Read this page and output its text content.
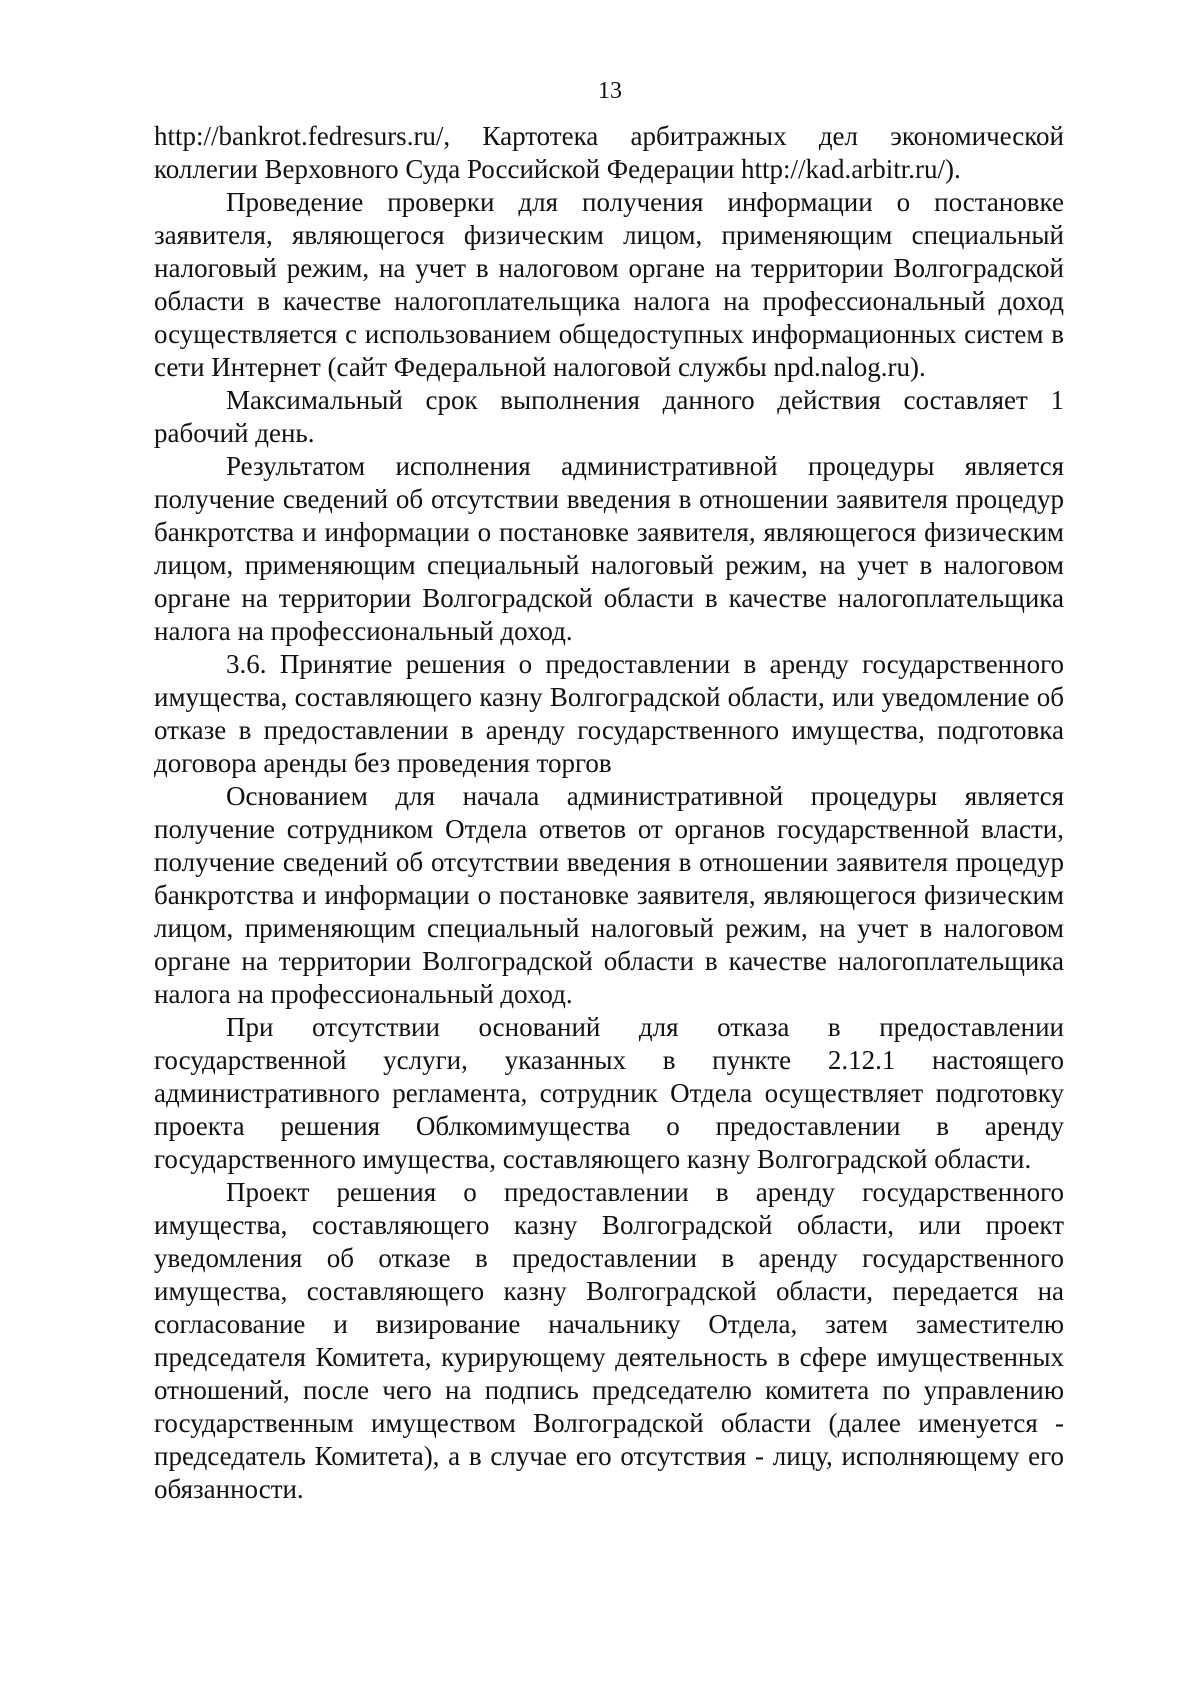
13

http://bankrot.fedresurs.ru/, Картотека арбитражных дел экономической коллегии Верховного Суда Российской Федерации http://kad.arbitr.ru/).

Проведение проверки для получения информации о постановке заявителя, являющегося физическим лицом, применяющим специальный налоговый режим, на учет в налоговом органе на территории Волгоградской области в качестве налогоплательщика налога на профессиональный доход осуществляется с использованием общедоступных информационных систем в сети Интернет (сайт Федеральной налоговой службы npd.nalog.ru).

Максимальный срок выполнения данного действия составляет 1 рабочий день.

Результатом исполнения административной процедуры является получение сведений об отсутствии введения в отношении заявителя процедур банкротства и информации о постановке заявителя, являющегося физическим лицом, применяющим специальный налоговый режим, на учет в налоговом органе на территории Волгоградской области в качестве налогоплательщика налога на профессиональный доход.

3.6. Принятие решения о предоставлении в аренду государственного имущества, составляющего казну Волгоградской области, или уведомление об отказе в предоставлении в аренду государственного имущества, подготовка договора аренды без проведения торгов

Основанием для начала административной процедуры является получение сотрудником Отдела ответов от органов государственной власти, получение сведений об отсутствии введения в отношении заявителя процедур банкротства и информации о постановке заявителя, являющегося физическим лицом, применяющим специальный налоговый режим, на учет в налоговом органе на территории Волгоградской области в качестве налогоплательщика налога на профессиональный доход.

При отсутствии оснований для отказа в предоставлении государственной услуги, указанных в пункте 2.12.1 настоящего административного регламента, сотрудник Отдела осуществляет подготовку проекта решения Облкомимущества о предоставлении в аренду государственного имущества, составляющего казну Волгоградской области.

Проект решения о предоставлении в аренду государственного имущества, составляющего казну Волгоградской области, или проект уведомления об отказе в предоставлении в аренду государственного имущества, составляющего казну Волгоградской области, передается на согласование и визирование начальнику Отдела, затем заместителю председателя Комитета, курирующему деятельность в сфере имущественных отношений, после чего на подпись председателю комитета по управлению государственным имуществом Волгоградской области (далее именуется - председатель Комитета), а в случае его отсутствия - лицу, исполняющему его обязанности.
